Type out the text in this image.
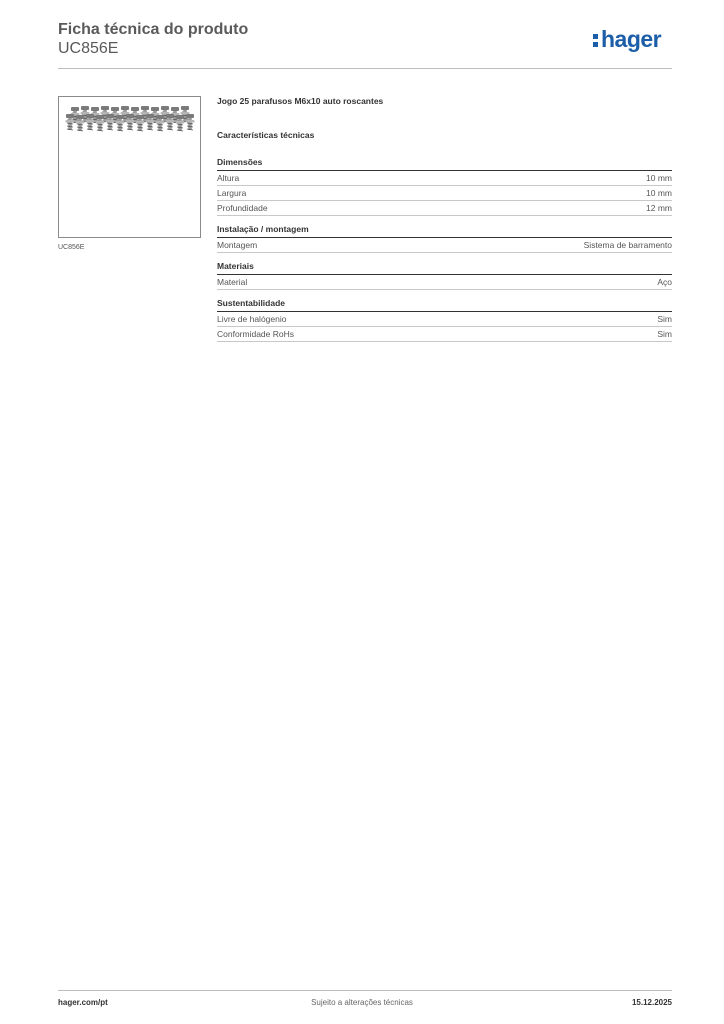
Ficha técnica do produto
UC856E	hager
UC856E
Jogo 25 parafusos M6x10 auto roscantes
Características técnicas
Dimensões
Altura	10 mm
Largura	10 mm
Profundidade	12 mm
Instalação / montagem
Montagem	Sistema de barramento
Materiais
Material	Aço
Sustentabilidade
Livre de halógenio	Sim
Conformidade RoHs	Sim
hager.com/pt	Sujeito a alterações técnicas	15.12.2025
